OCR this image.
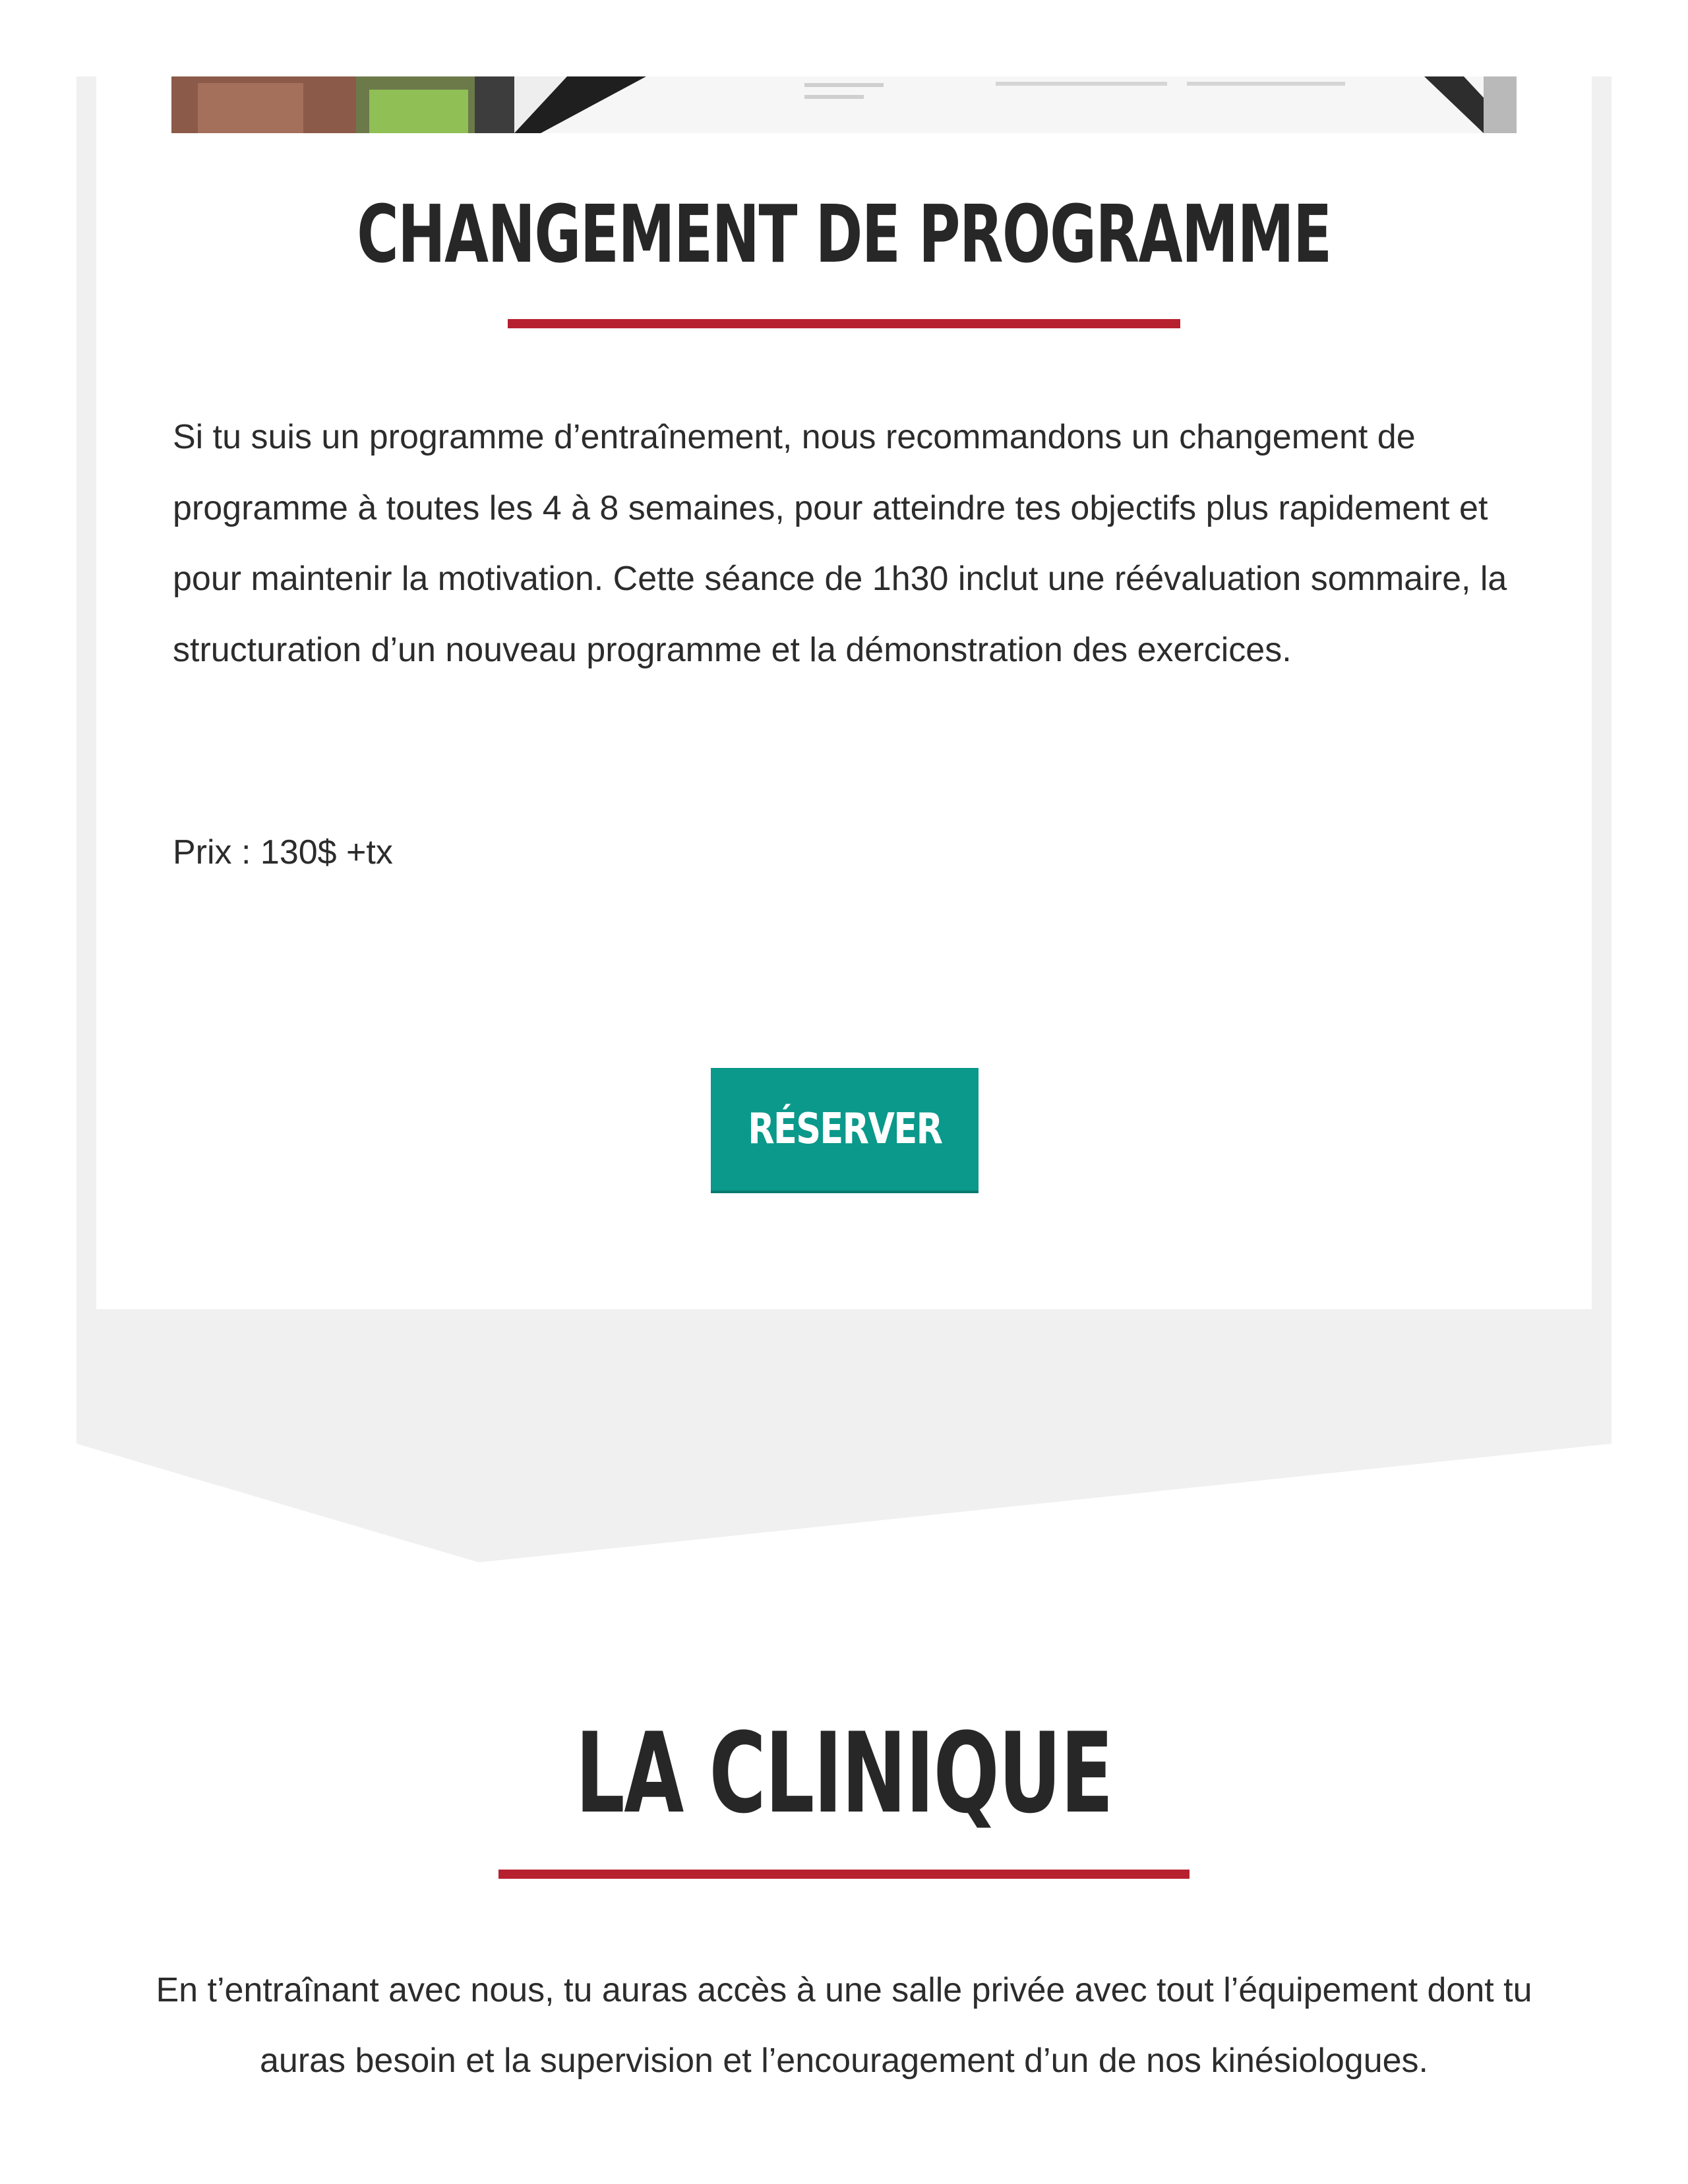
CHANGEMENT DE PROGRAMME
Si tu suis un programme d’entraînement, nous recommandons un changement de programme à toutes les 4 à 8 semaines, pour atteindre tes objectifs plus rapidement et pour maintenir la motivation. Cette séance de 1h30 inclut une réévaluation sommaire, la structuration d’un nouveau programme et la démonstration des exercices.
Prix : 130$ +tx
RÉSERVER
LA CLINIQUE
En t’entraînant avec nous, tu auras accès à une salle privée avec tout l’équipement dont tu auras besoin et la supervision et l’encouragement d’un de nos kinésiologues.
